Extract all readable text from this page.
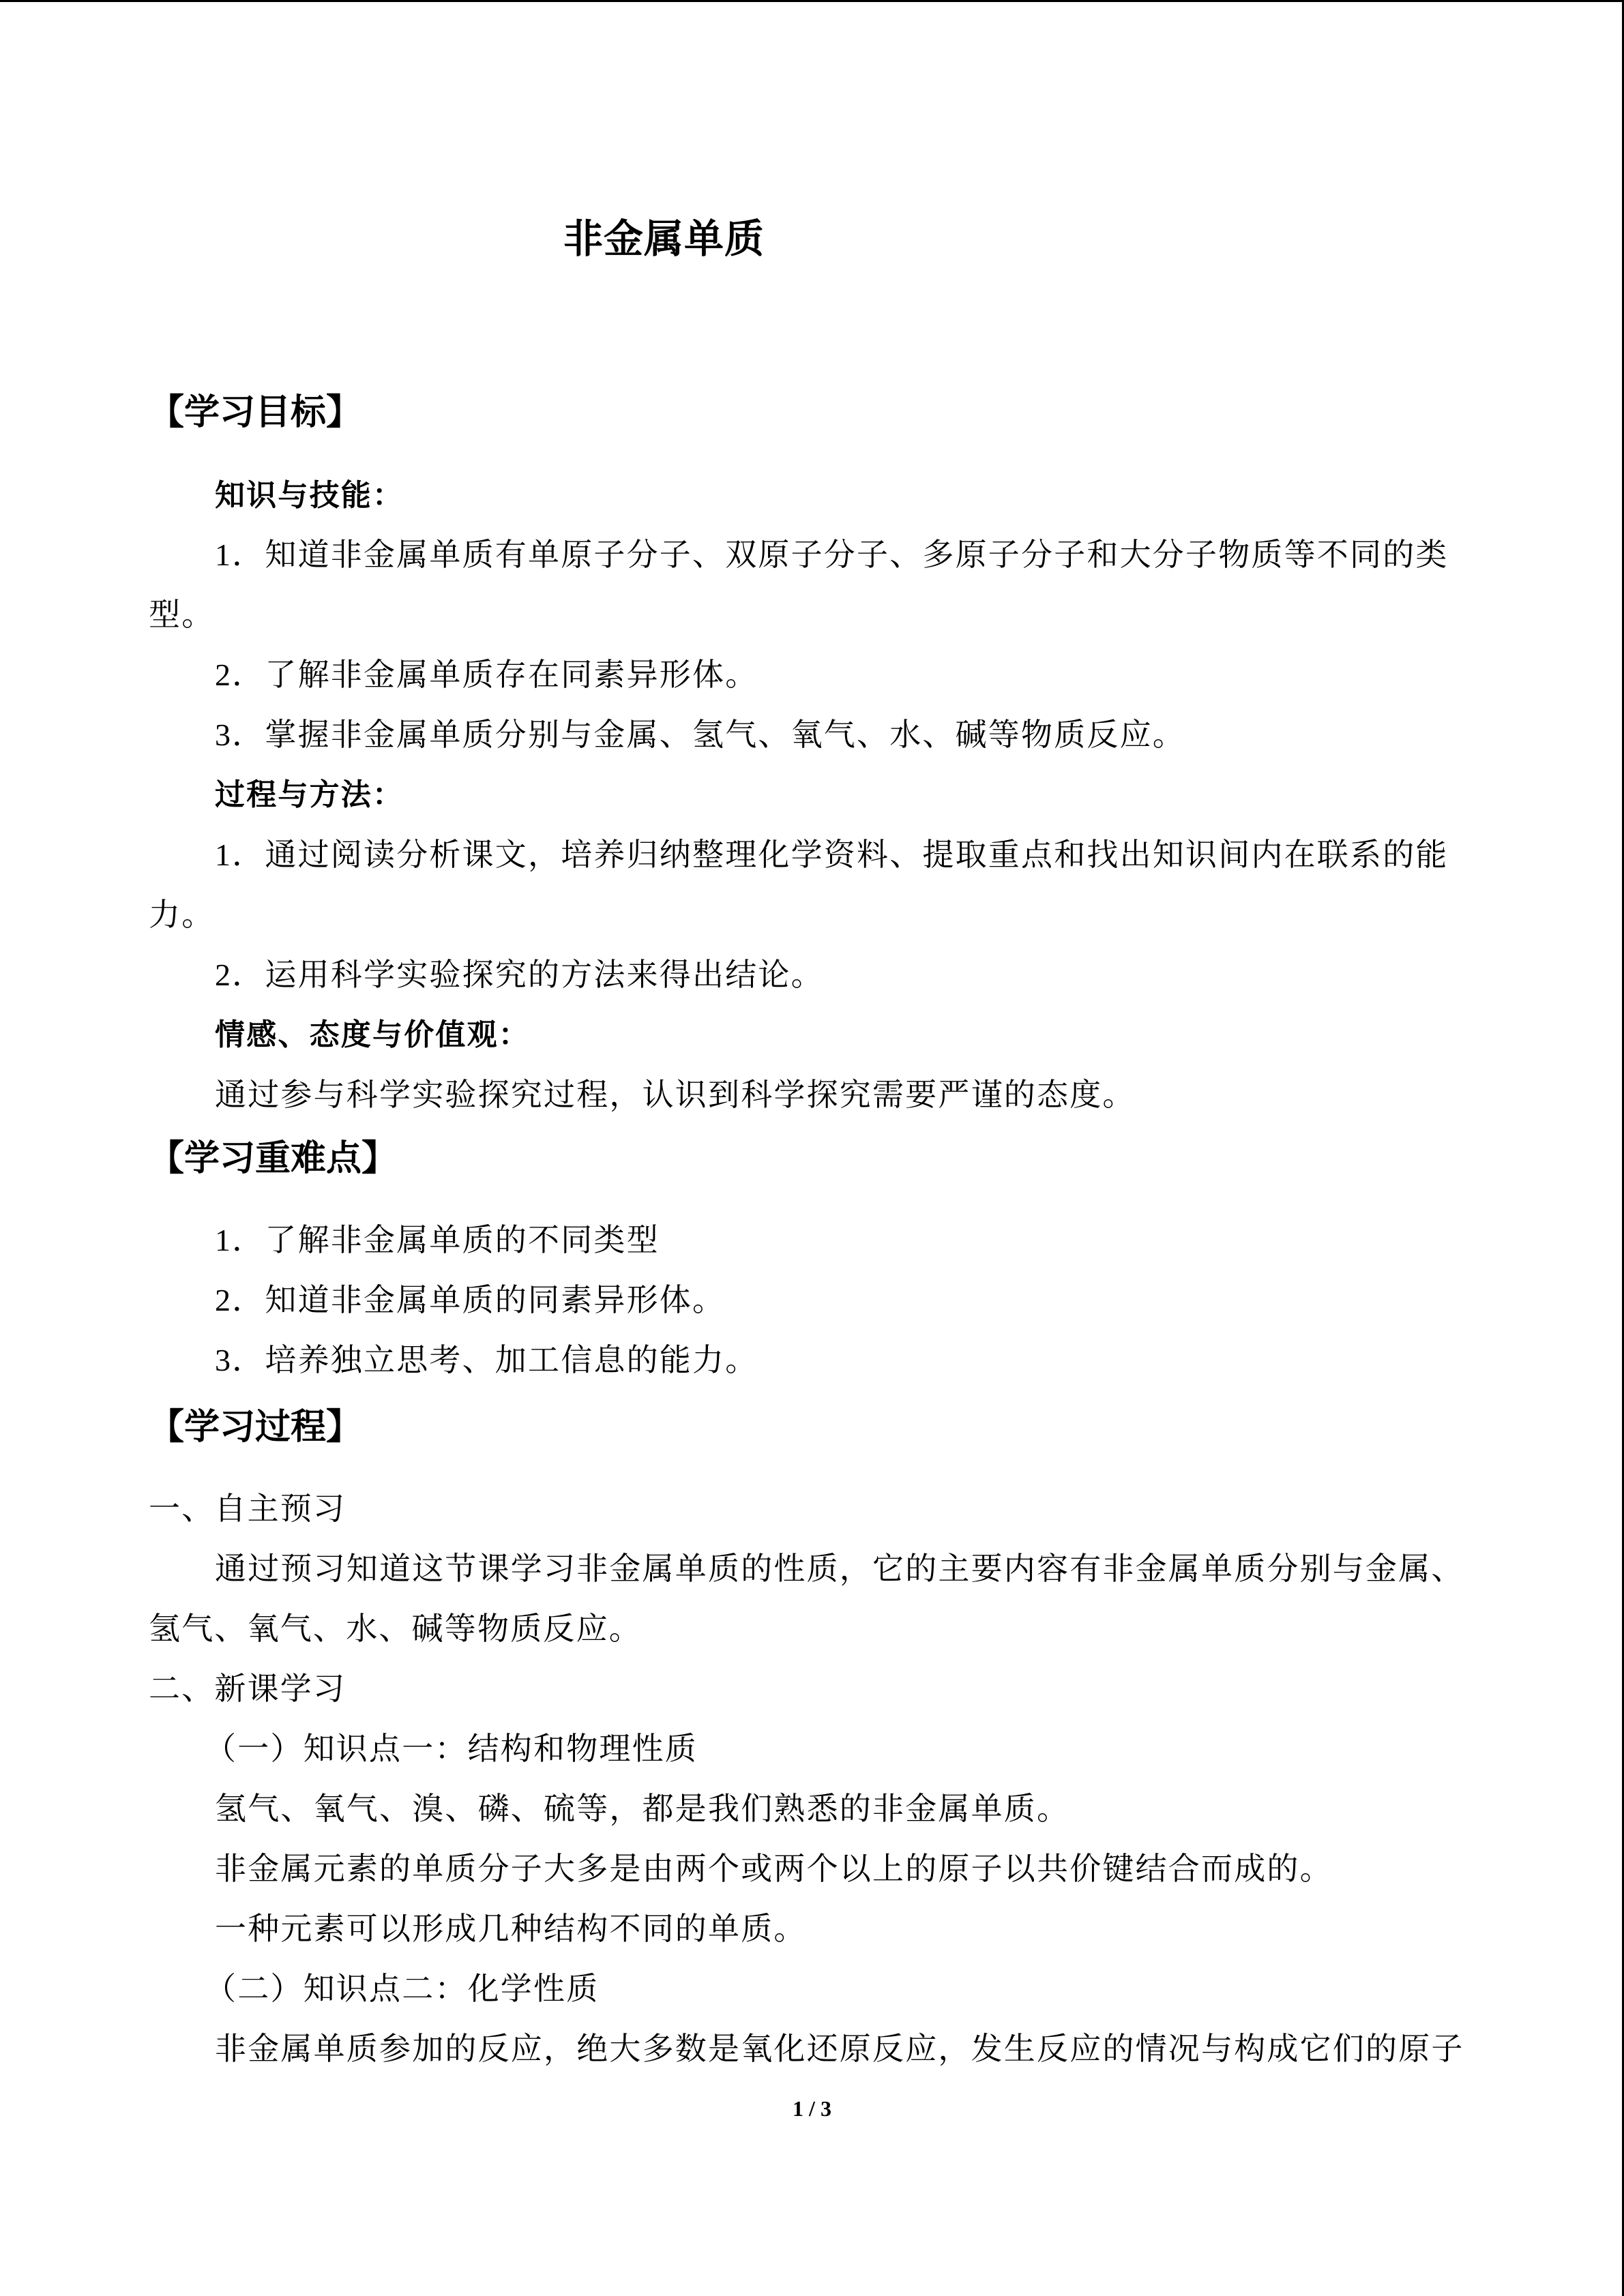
非金属单质
【学习目标】
知识与技能：
1．知道非金属单质有单原子分子、双原子分子、多原子分子和大分子物质等不同的类
型。
2．了解非金属单质存在同素异形体。
3．掌握非金属单质分别与金属、氢气、氧气、水、碱等物质反应。
过程与方法：
1．通过阅读分析课文，培养归纳整理化学资料、提取重点和找出知识间内在联系的能
力。
2．运用科学实验探究的方法来得出结论。
情感、态度与价值观：
通过参与科学实验探究过程，认识到科学探究需要严谨的态度。
【学习重难点】
1．了解非金属单质的不同类型
2．知道非金属单质的同素异形体。
3．培养独立思考、加工信息的能力。
【学习过程】
一、自主预习
通过预习知道这节课学习非金属单质的性质，它的主要内容有非金属单质分别与金属、
氢气、氧气、水、碱等物质反应。
二、新课学习
（一）知识点一：结构和物理性质
氢气、氧气、溴、磷、硫等，都是我们熟悉的非金属单质。
非金属元素的单质分子大多是由两个或两个以上的原子以共价键结合而成的。
一种元素可以形成几种结构不同的单质。
（二）知识点二：化学性质
非金属单质参加的反应，绝大多数是氧化还原反应，发生反应的情况与构成它们的原子
1 / 3
